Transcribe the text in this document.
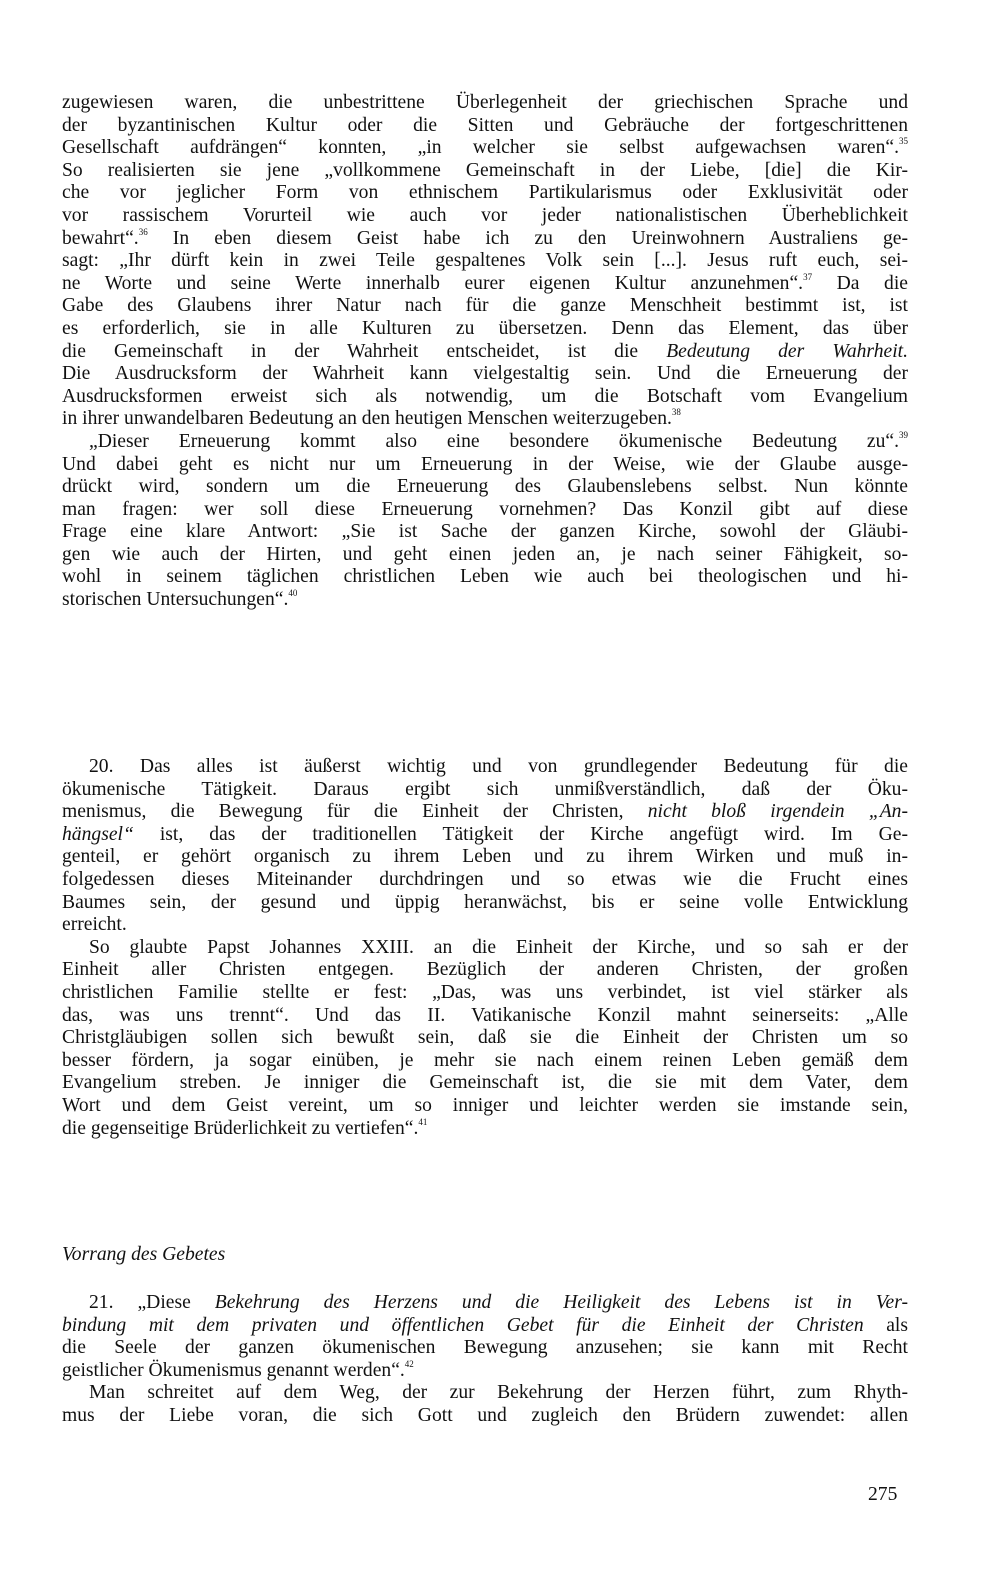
zugewiesen waren, die unbestrittene Überlegenheit der griechischen Sprache und
der byzantinischen Kultur oder die Sitten und Gebräuche der fortgeschrittenen
Gesellschaft aufdrängen“ konnten, „in welcher sie selbst aufgewachsen waren“.$^{35}$
So realisierten sie jene „vollkommene Gemeinschaft in der Liebe, [die] die Kir-
che vor jeglicher Form von ethnischem Partikularismus oder Exklusivität oder
vor rassischem Vorurteil wie auch vor jeder nationalistischen Überheblichkeit
bewahrt“.$^{36}$ In eben diesem Geist habe ich zu den Ureinwohnern Australiens ge-
sagt: „Ihr dürft kein in zwei Teile gespaltenes Volk sein [...]. Jesus ruft euch, sei-
ne Worte und seine Werte innerhalb eurer eigenen Kultur anzunehmen“.$^{37}$ Da die
Gabe des Glaubens ihrer Natur nach für die ganze Menschheit bestimmt ist, ist
es erforderlich, sie in alle Kulturen zu übersetzen. Denn das Element, das über
die Gemeinschaft in der Wahrheit entscheidet, ist die Bedeutung der Wahrheit.
Die Ausdrucksform der Wahrheit kann vielgestaltig sein. Und die Erneuerung der
Ausdrucksformen erweist sich als notwendig, um die Botschaft vom Evangelium
in ihrer unwandelbaren Bedeutung an den heutigen Menschen weiterzugeben.$^{38}$
„Dieser Erneuerung kommt also eine besondere ökumenische Bedeutung zu“.$^{39}$
Und dabei geht es nicht nur um Erneuerung in der Weise, wie der Glaube ausge-
drückt wird, sondern um die Erneuerung des Glaubenslebens selbst. Nun könnte
man fragen: wer soll diese Erneuerung vornehmen? Das Konzil gibt auf diese
Frage eine klare Antwort: „Sie ist Sache der ganzen Kirche, sowohl der Gläubi-
gen wie auch der Hirten, und geht einen jeden an, je nach seiner Fähigkeit, so-
wohl in seinem täglichen christlichen Leben wie auch bei theologischen und hi-
storischen Untersuchungen“.$^{40}$
20. Das alles ist äußerst wichtig und von grundlegender Bedeutung für die
ökumenische Tätigkeit. Daraus ergibt sich unmißverständlich, daß der Öku-
menismus, die Bewegung für die Einheit der Christen, nicht bloß irgendein „An-
hängsel“ ist, das der traditionellen Tätigkeit der Kirche angefügt wird. Im Ge-
genteil, er gehört organisch zu ihrem Leben und zu ihrem Wirken und muß in-
folgedessen dieses Miteinander durchdringen und so etwas wie die Frucht eines
Baumes sein, der gesund und üppig heranwächst, bis er seine volle Entwicklung
erreicht.
So glaubte Papst Johannes XXIII. an die Einheit der Kirche, und so sah er der
Einheit aller Christen entgegen. Bezüglich der anderen Christen, der großen
christlichen Familie stellte er fest: „Das, was uns verbindet, ist viel stärker als
das, was uns trennt“. Und das II. Vatikanische Konzil mahnt seinerseits: „Alle
Christgläubigen sollen sich bewußt sein, daß sie die Einheit der Christen um so
besser fördern, ja sogar einüben, je mehr sie nach einem reinen Leben gemäß dem
Evangelium streben. Je inniger die Gemeinschaft ist, die sie mit dem Vater, dem
Wort und dem Geist vereint, um so inniger und leichter werden sie imstande sein,
die gegenseitige Brüderlichkeit zu vertiefen“.$^{41}$
Vorrang des Gebetes
21. „Diese Bekehrung des Herzens und die Heiligkeit des Lebens ist in Ver-
bindung mit dem privaten und öffentlichen Gebet für die Einheit der Christen als
die Seele der ganzen ökumenischen Bewegung anzusehen; sie kann mit Recht
geistlicher Ökumenismus genannt werden“.$^{42}$
Man schreitet auf dem Weg, der zur Bekehrung der Herzen führt, zum Rhyth-
mus der Liebe voran, die sich Gott und zugleich den Brüdern zuwendet: allen
275
